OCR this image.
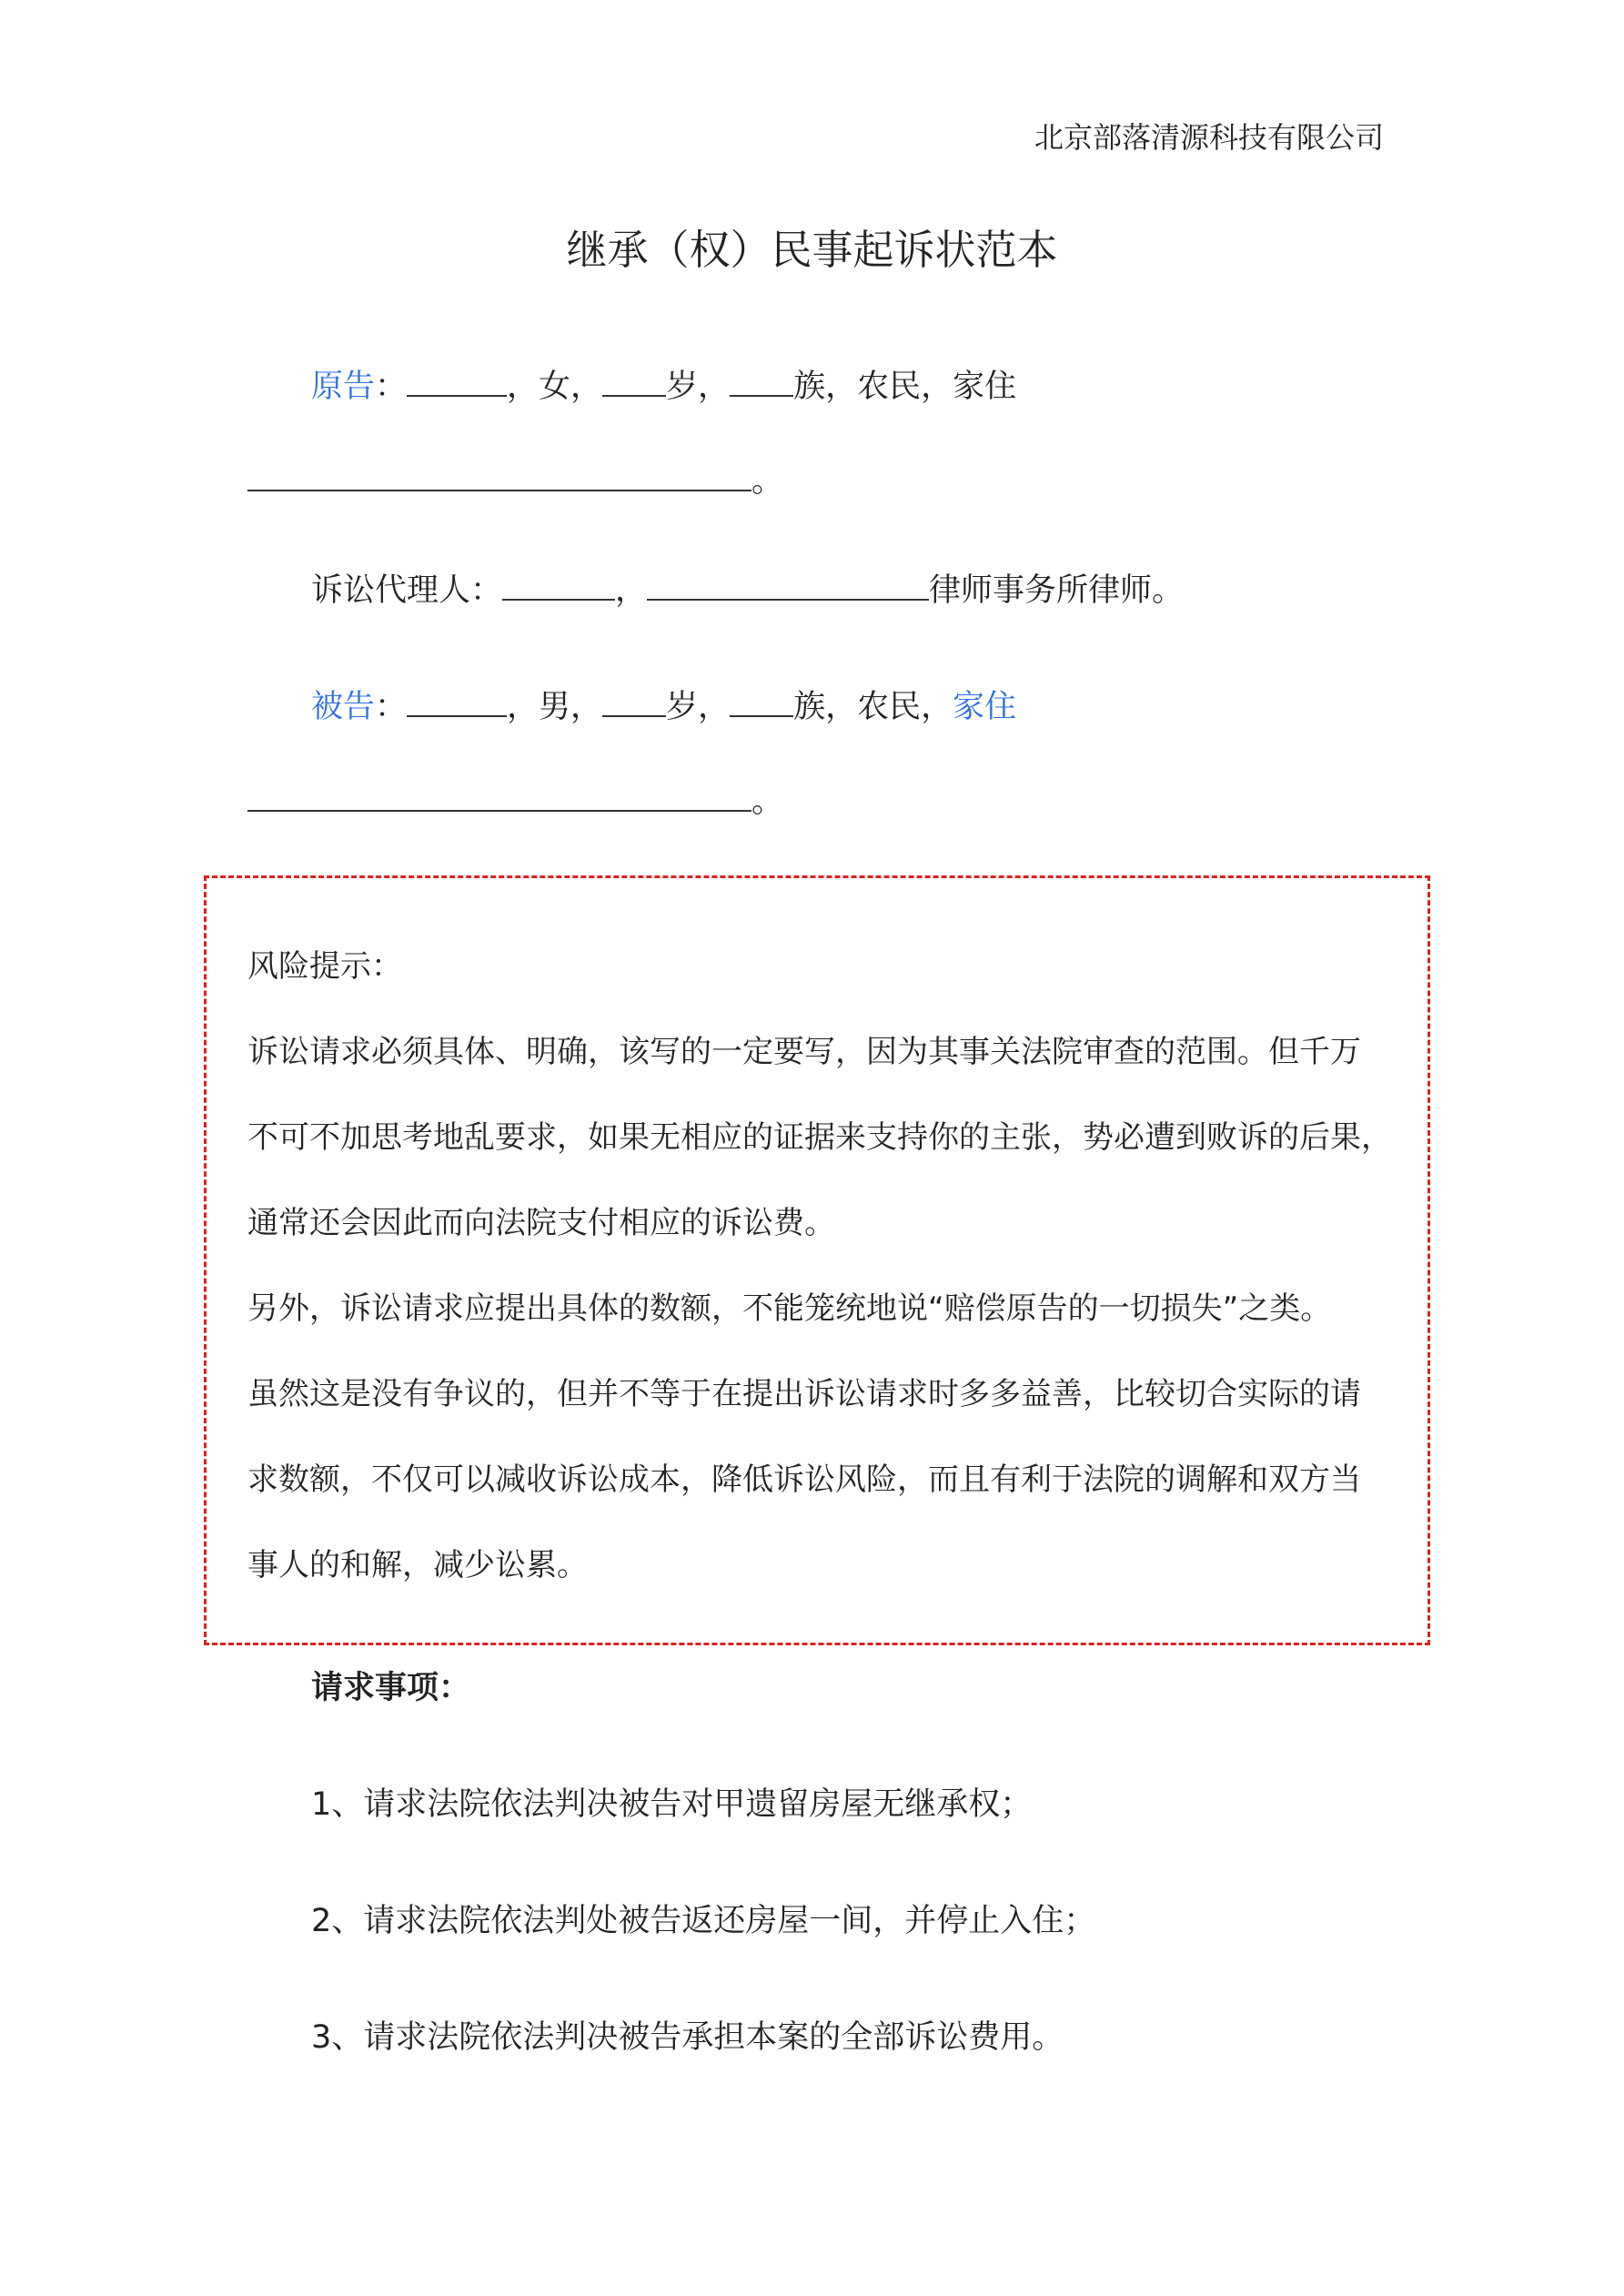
北京部落清源科技有限公司
继承（权）民事起诉状范本
原告：	，女， 岁， 族，农民，家住
。
诉讼代理人：	，	律师事务所律师。
被告：	，男， 岁， 族，农民，家住
。
风险提示：
诉讼请求必须具体、明确，该写的一定要写，因为其事关法院审查的范围。但千万
不可不加思考地乱要求，如果无相应的证据来支持你的主张，势必遭到败诉的后果，
通常还会因此而向法院支付相应的诉讼费。
另外，诉讼请求应提出具体的数额，不能笼统地说“赔偿原告的一切损失”之类。
虽然这是没有争议的，但并不等于在提出诉讼请求时多多益善，比较切合实际的请
求数额，不仅可以减收诉讼成本，降低诉讼风险，而且有利于法院的调解和双方当
事人的和解，减少讼累。
请求事项：
1、请求法院依法判决被告对甲遗留房屋无继承权；
2、请求法院依法判处被告返还房屋一间，并停止入住；
3、请求法院依法判决被告承担本案的全部诉讼费用。
